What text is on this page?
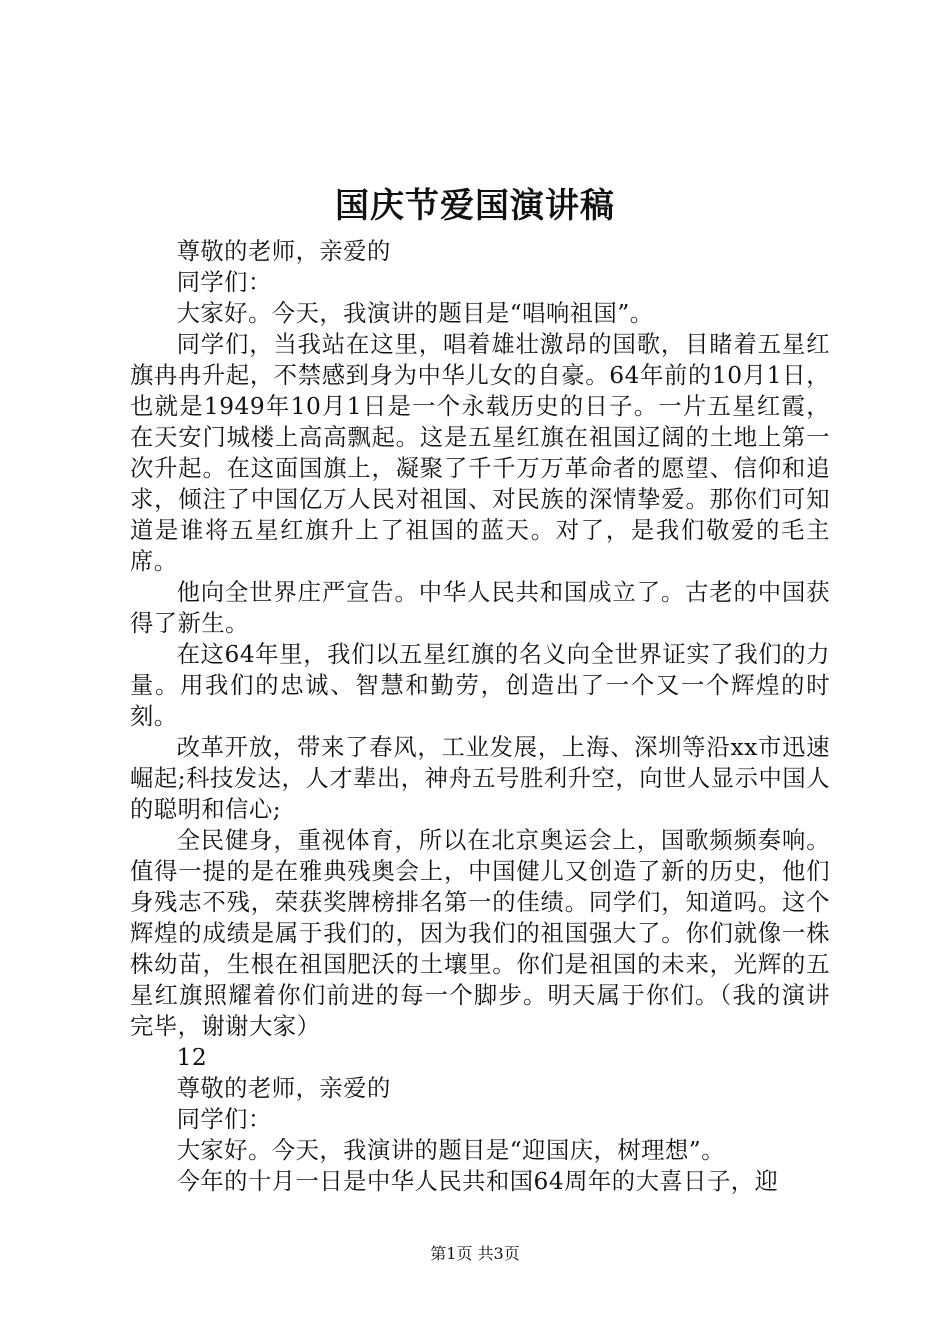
国庆节爱国演讲稿

尊敬的老师，亲爱的

同学们：

大家好。今天，我演讲的题目是“唱响祖国”。

同学们，当我站在这里，唱着雄壮激昂的国歌，目睹着五星红旗冉冉升起，不禁感到身为中华儿女的自豪。64年前的10月1日，也就是1949年10月1日是一个永载历史的日子。一片五星红霞，在天安门城楼上高高飘起。这是五星红旗在祖国辽阔的土地上第一次升起。在这面国旗上，凝聚了千千万万革命者的愿望、信仰和追求，倾注了中国亿万人民对祖国、对民族的深情挚爱。那你们可知道是谁将五星红旗升上了祖国的蓝天。对了，是我们敬爱的毛主席。

他向全世界庄严宣告。中华人民共和国成立了。古老的中国获得了新生。

在这64年里，我们以五星红旗的名义向全世界证实了我们的力量。用我们的忠诚、智慧和勤劳，创造出了一个又一个辉煌的时刻。

改革开放，带来了春风，工业发展，上海、深圳等沿xx市迅速崛起;科技发达，人才辈出，神舟五号胜利升空，向世人显示中国人的聪明和信心;

全民健身，重视体育，所以在北京奥运会上，国歌频频奏响。值得一提的是在雅典残奥会上，中国健儿又创造了新的历史，他们身残志不残，荣获奖牌榜排名第一的佳绩。同学们，知道吗。这个辉煌的成绩是属于我们的，因为我们的祖国强大了。你们就像一株株幼苗，生根在祖国肥沃的土壤里。你们是祖国的未来，光辉的五星红旗照耀着你们前进的每一个脚步。明天属于你们。（我的演讲完毕，谢谢大家）

12

尊敬的老师，亲爱的

同学们：

大家好。今天，我演讲的题目是“迎国庆，树理想”。

今年的十月一日是中华人民共和国64周年的大喜日子，迎

第1页 共3页
